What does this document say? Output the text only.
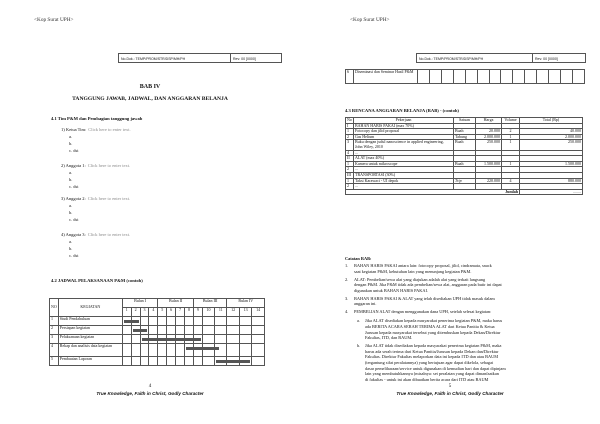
<Kop Surat UPH>
No.Dok.: TEMP/PROM/STR/DSP/MH/PH	Rev: 00 [0000]
BAB IV
TANGGUNG JAWAB, JADWAL, DAN ANGGARAN BELANJA
4.1 Tim P&M dan Pembagian tanggung jawab
1) Ketua Tim: Click here to enter text.
a.
b.
c. dst
2) Anggota 1: Click here to enter text.
a.
b.
c. dst
3) Anggota 2: Click here to enter text.
a.
b.
c. dst
4) Anggota 3: Click here to enter text.
a.
b.
c. dst
4.2 JADWAL PELAKSANAAN P&M (contoh)
NO	KEGIATAN	Bulan I				Bulan II				Bulan III			Bulan IV		
		1	2	3	4	5	6	7	8	9	10	11	12	13	14
1	Studi Pendahuluan	

2	Persiapan kegiatan		

3	Pelaksanaan kegiatan			

4	Rekap dan analisis data kegiatan								

5	Pembuatan Laporan											

4
True Knowledge, Faith in Christ, Godly Character
<Kop Surat UPH>
6	Diseminasi dan Seminar Hasil P&M														
No.Dok.: TEMP/PROM/STR/DSP/MH/PH	Rev: 00 [0000]
4.3 RENCANA ANGGARAN BELANJA (RAB) - (contoh)
No	Pekerjaan	Satuan	Harga	Volume	Total (Rp)
I	BAHAN HABIS PAKAI (max 70%)				
1	Fotocopy dan jilid proposal	Buah	20.000	2	40.000
2	Gas Helium	Tabung	2.000.000	1	2.000.000
3	Buku dengan judul nanoscience in applied engineering, John Wiley, 2010	Buah	250.000	1	250.000
4	...				
II	ALAT (max 40%)				
1	Kamera untuk mikroscope	Buah	1.500.000	1	1.500.000
2	...				
III	TRANSPORTASI (30%)				
1	Taksi Karawaci - UI depok	Trip	220.000	4	880.000
2	...				
Jumlah					........
Catatan RAB:
1. BAHAN HABIS PAKAI antara lain: fotocopy proposal, jilid, cindramata, snack
saat kegiatan P&M, kebutuhan lain yang menunjang kegiatan P&M.
2. ALAT: Pembelian/sewa alat yang diajukan adalah alat yang terkait langsung
dengan P&M. Jika P&M tidak ada pembelian/sewa alat, anggaran pada butir ini dapat
digunakan untuk BAHAN HABIS PAKAI.
3. BAHAN HABIS PAKAI & ALAT yang telah disediakan UPH tidak masuk dalam
anggaran ini.
4. PEMBELIAN ALAT dengan menggunakan dana UPH, setelah selesai kegiatan:
a. Jika ALAT disediakan kepada masyarakat penerima kegiatan P&M, maka harus
ada BERITA ACARA SERAH TERIMA ALAT dari Ketua Panitia & Ketua
Jurusan kepada masyarakat tersebut yang ditembuskan kepada Dekan/Direktur
Fakultas, ITD, dan BAUM.
b. Jika ALAT tidak disediakan kepada masyarakat penerima kegiatan P&M, maka
harus ada serah terima dari Ketua Panitia/Jurusan kepada Dekan dan/Direktur
Fakultas. Direktur Fakultas melaporkan data ini kepada ITD dan atau BAUM
(tergantung sifat peralatannya) yang bertujuan agar dapat dikelola, sebagai
dasar pemeliharaan/service untuk digunakan di kemudian hari dan dapat dipinjam
lain yang membutuhkannya (misalnya: set peralatan yang dapat dimanfaatkan
di fakultas - untuk ini akan dibuatkan berita acara dari ITD atau BAUM
5
True Knowledge, Faith in Christ, Godly Character
